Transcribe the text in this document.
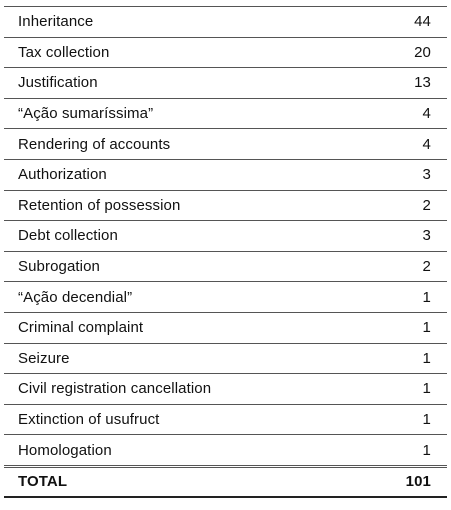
Inheritance	44
Tax collection	20
Justification	13
“Ação sumaríssima”	4
Rendering of accounts	4
Authorization	3
Retention of possession	2
Debt collection	3
Subrogation	2
“Ação decendial”	1
Criminal complaint	1
Seizure	1
Civil registration cancellation	1
Extinction of usufruct	1
Homologation	1
TOTAL	101
